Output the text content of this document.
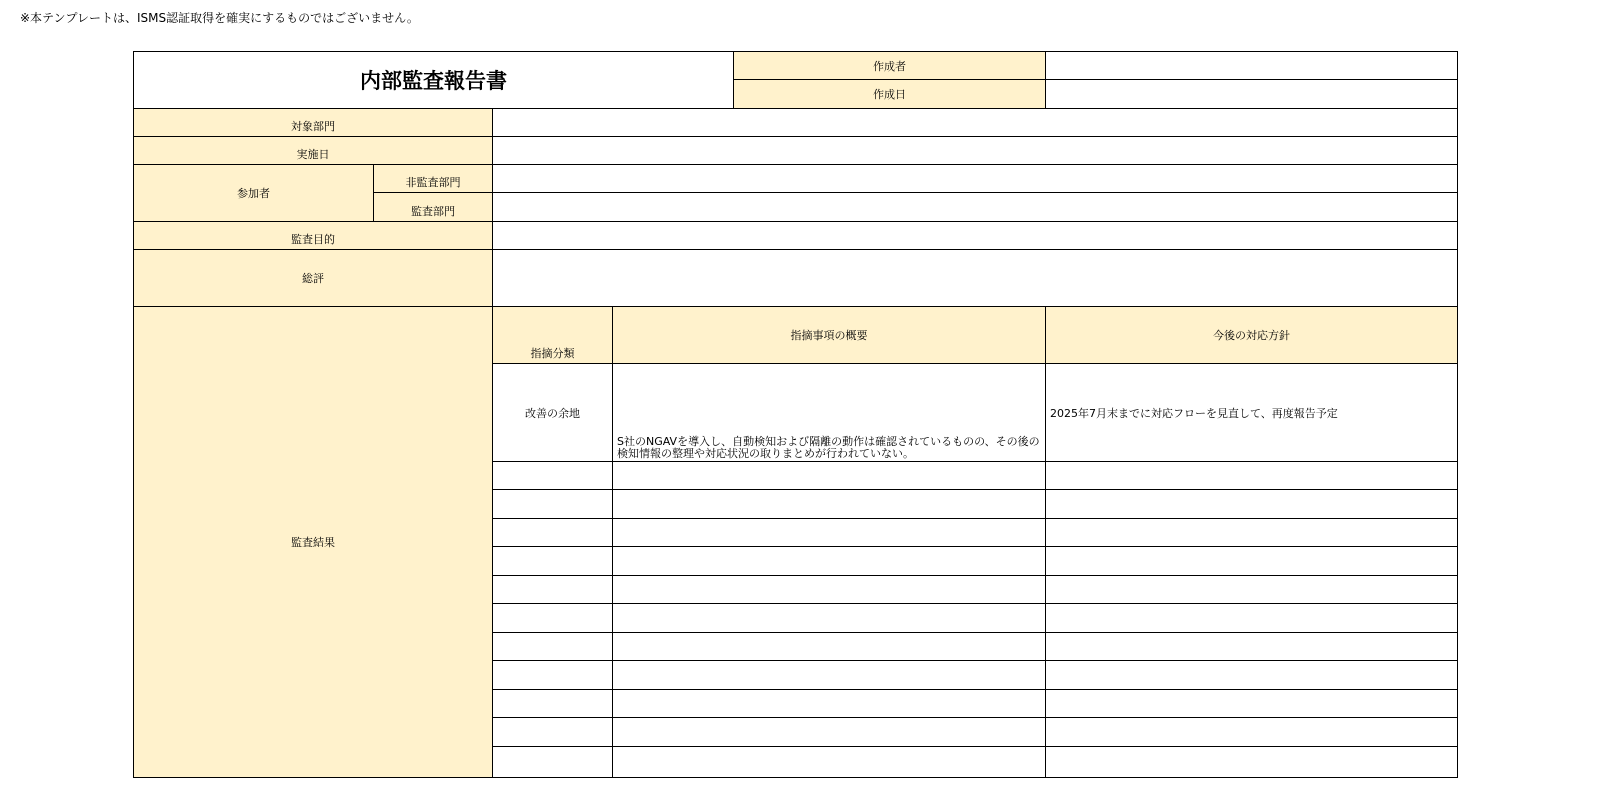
※本テンプレートは、ISMS認証取得を確実にするものではございません。
内部監査報告書
作成者
作成日
対象部門
実施日
参加者
非監査部門
監査部門
監査目的
総評
監査結果
指摘分類
指摘事項の概要	今後の対応方針
改善の余地
S社のNGAVを導入し、自動検知および隔離の動作は確認されているものの、その後の検知情報の整理や対応状況の取りまとめが行われていない。
2025年7月末までに対応フローを見直して、再度報告予定
